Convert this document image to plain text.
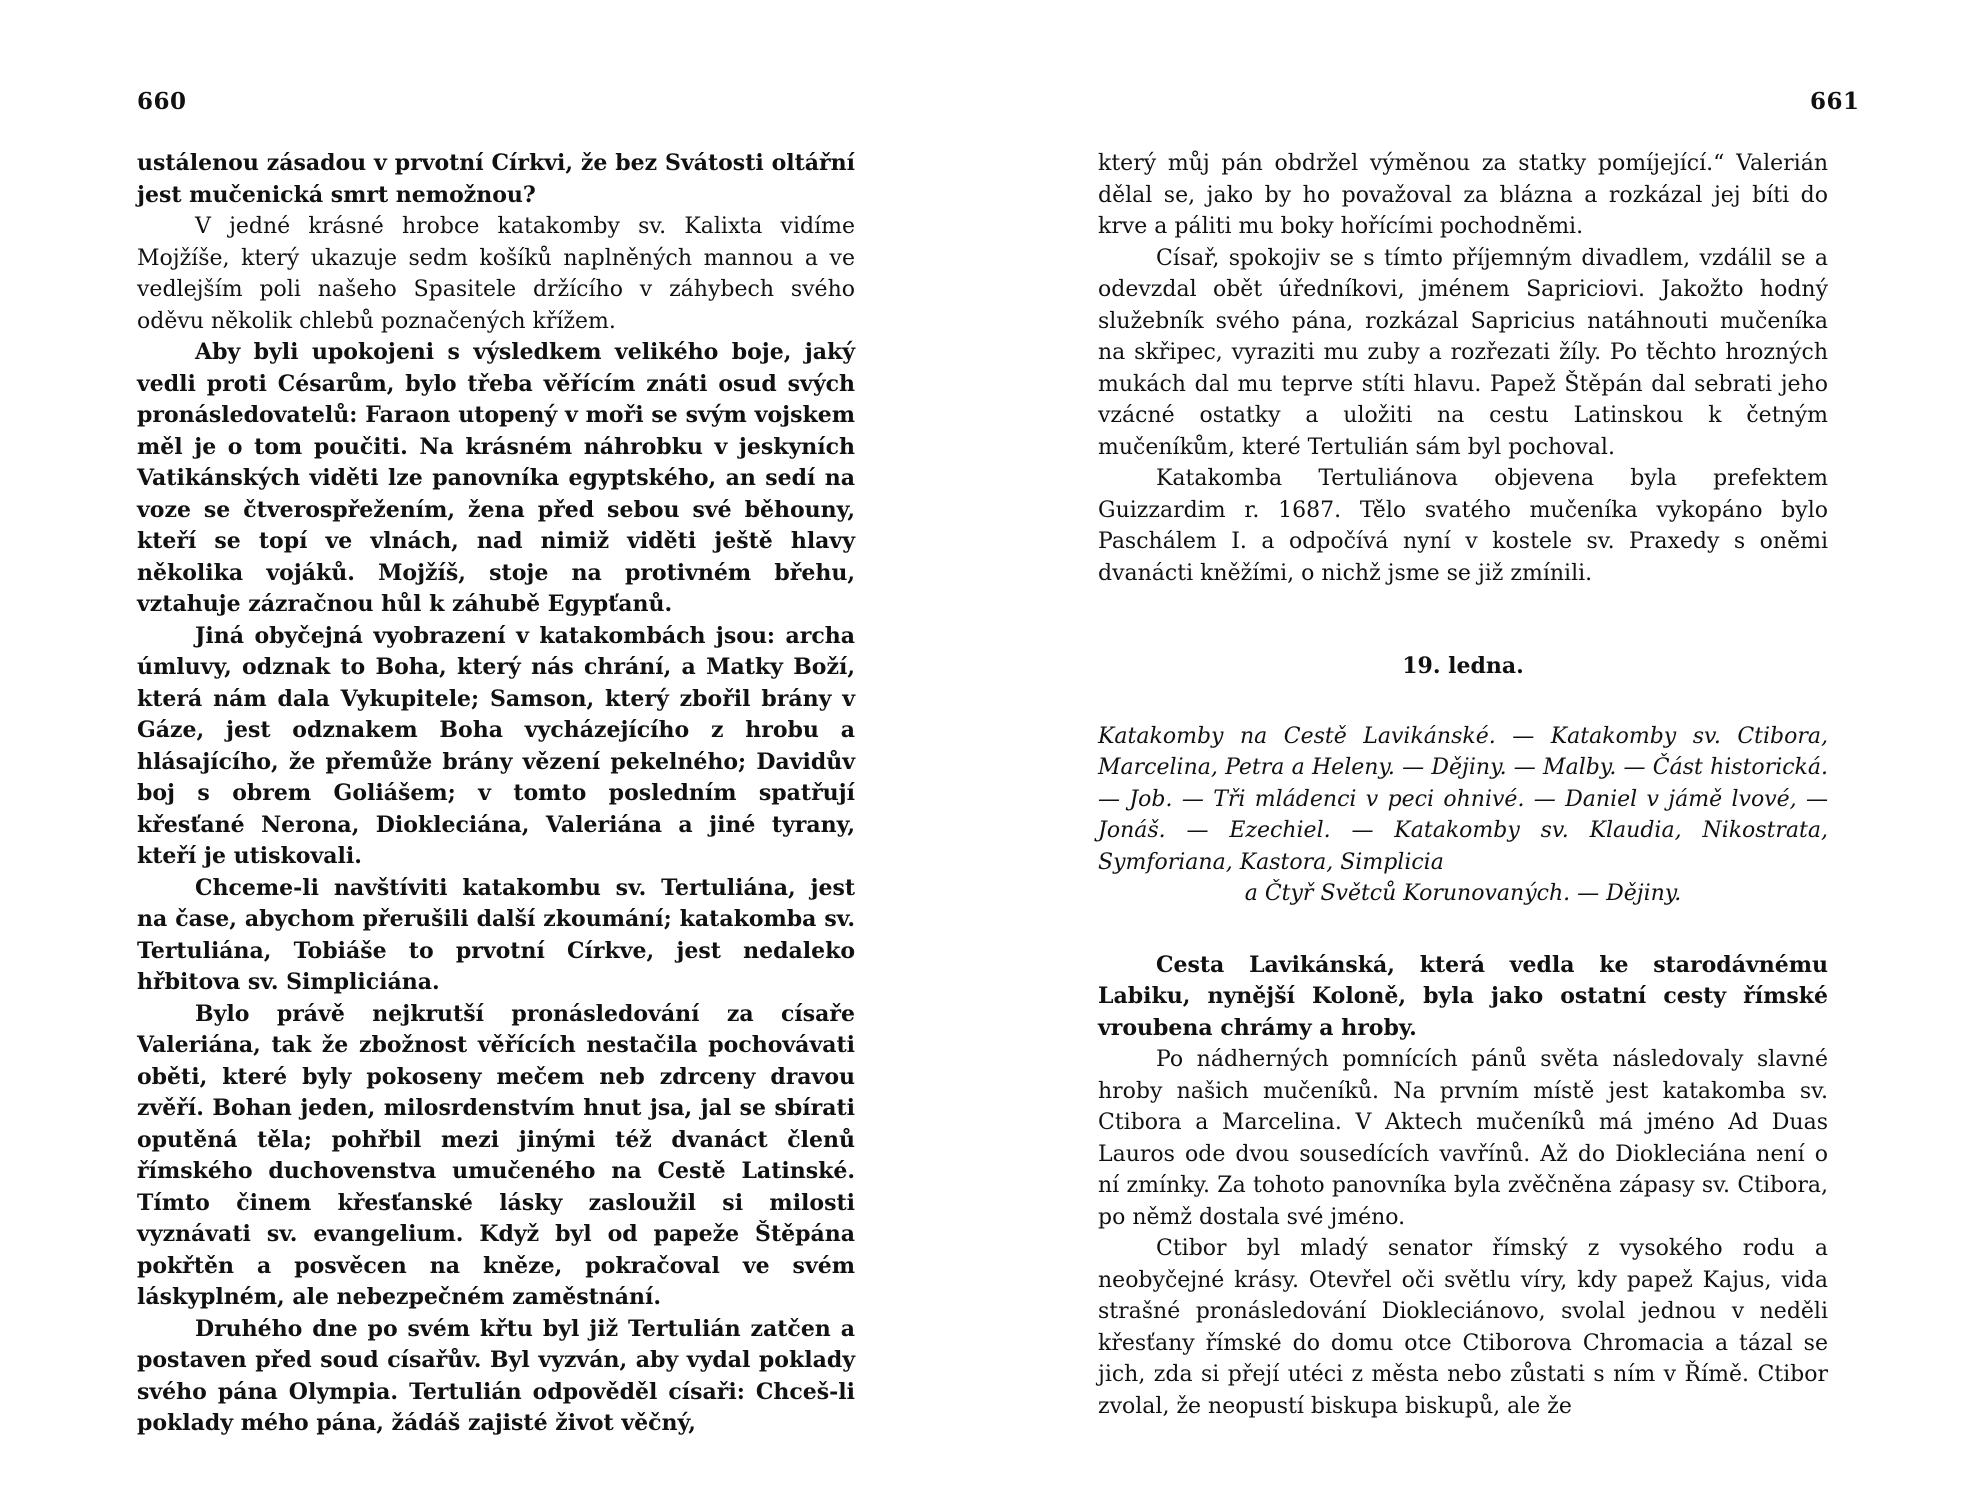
660

ustálenou zásadou v prvotní Církvi, že bez Svátosti oltářní jest mučenická smrt nemožnou?

V jedné krásné hrobce katakomby sv. Kalixta vidíme Mojžíše, který ukazuje sedm košíků naplněných mannou a ve vedlejším poli našeho Spasitele držícího v záhybech svého oděvu několik chlebů poznačených křížem.

Aby byli upokojeni s výsledkem velikého boje, jaký vedli proti Césarům, bylo třeba věřícím znáti osud svých pronásledovatelů: Faraon utopený v moři se svým vojskem měl je o tom poučiti. Na krásném náhrobku v jeskyních Vatikánských viděti lze panovníka egyptského, an sedí na voze se čtverospřežením, žena před sebou své běhouny, kteří se topí ve vlnách, nad nimiž viděti ještě hlavy několika vojáků. Mojžíš, stoje na protivném břehu, vztahuje zázračnou hůl k záhubě Egypťanů.

Jiná obyčejná vyobrazení v katakombách jsou: archa úmluvy, odznak to Boha, který nás chrání, a Matky Boží, která nám dala Vykupitele; Samson, který zbořil brány v Gáze, jest odznakem Boha vycházejícího z hrobu a hlásajícího, že přemůže brány vězení pekelného; Davidův boj s obrem Goliášem; v tomto posledním spatřují křesťané Nerona, Diokleciána, Valeriána a jiné tyrany, kteří je utiskovali.

Chceme-li navštíviti katakombu sv. Tertuliána, jest na čase, abychom přerušili další zkoumání; katakomba sv. Tertuliána, Tobiáše to prvotní Církve, jest nedaleko hřbitova sv. Simpliciána.

Bylo právě nejkrutší pronásledování za císaře Valeriána, tak že zbožnost věřících nestačila pochovávati oběti, které byly pokoseny mečem neb zdrceny dravou zvěří. Bohan jeden, milosrdenstvím hnut jsa, jal se sbírati oputěná těla; pohřbil mezi jinými též dvanáct členů římského duchovenstva umučeného na Cestě Latinské. Tímto činem křesťanské lásky zasloužil si milosti vyznávati sv. evangelium. Když byl od papeže Štěpána pokřtěn a posvěcen na kněze, pokračoval ve svém láskyplném, ale nebezpečném zaměstnání.

Druhého dne po svém křtu byl již Tertulián zatčen a postaven před soud císařův. Byl vyzván, aby vydal poklady svého pána Olympia. Tertulián odpověděl císaři: Chceš-li poklady mého pána, žádáš zajisté život věčný,

661

který můj pán obdržel výměnou za statky pomíjející.“ Valerián dělal se, jako by ho považoval za blázna a rozkázal jej bíti do krve a páliti mu boky hořícími pochodněmi.

Císař, spokojiv se s tímto příjemným divadlem, vzdálil se a odevzdal obět úředníkovi, jménem Sapriciovi. Jakožto hodný služebník svého pána, rozkázal Sapricius natáhnouti mučeníka na skřipec, vyraziti mu zuby a rozřezati žíly. Po těchto hrozných mukách dal mu teprve stíti hlavu. Papež Štěpán dal sebrati jeho vzácné ostatky a uložiti na cestu Latinskou k četným mučeníkům, které Tertulián sám byl pochoval.

Katakomba Tertuliánova objevena byla prefektem Guizzardim r. 1687. Tělo svatého mučeníka vykopáno bylo Paschálem I. a odpočívá nyní v kostele sv. Praxedy s oněmi dvanácti kněžími, o nichž jsme se již zmínili.

19. ledna.
Katakomby na Cestě Lavikánské. — Katakomby sv. Ctibora, Marcelina, Petra a Heleny. — Dějiny. — Malby. — Část historická. — Job. — Tři mládenci v peci ohnivé. — Daniel v jámě lvové, — Jonáš. — Ezechiel. — Katakomby sv. Klaudia, Nikostrata, Symforiana, Kastora, Simplicia
a Čtyř Světců Korunovaných. — Dějiny.

Cesta Lavikánská, která vedla ke starodávnému Labiku, nynější Koloně, byla jako ostatní cesty římské vroubena chrámy a hroby.

Po nádherných pomnících pánů světa následovaly slavné hroby našich mučeníků. Na prvním místě jest katakomba sv. Ctibora a Marcelina. V Aktech mučeníků má jméno Ad Duas Lauros ode dvou sousedících vavřínů. Až do Diokleciána není o ní zmínky. Za tohoto panovníka byla zvěčněna zápasy sv. Ctibora, po němž dostala své jméno.

Ctibor byl mladý senator římský z vysokého rodu a neobyčejné krásy. Otevřel oči světlu víry, kdy papež Kajus, vida strašné pronásledování Diokleciánovo, svolal jednou v neděli křesťany římské do domu otce Ctiborova Chromacia a tázal se jich, zda si přejí utéci z města nebo zůstati s ním v Římě. Ctibor zvolal, že neopustí biskupa biskupů, ale že
